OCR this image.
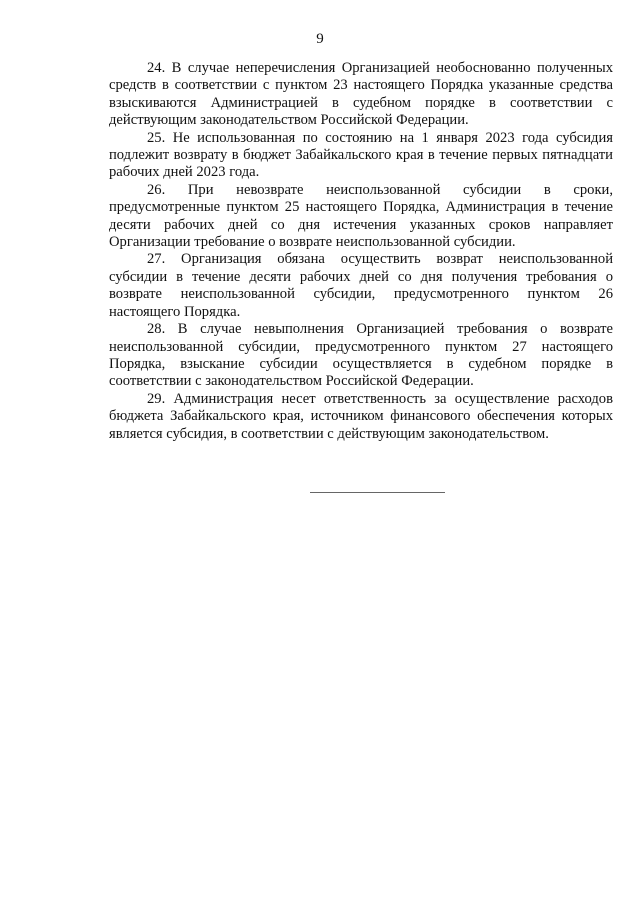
9

24. В случае неперечисления Организацией необоснованно полученных средств в соответствии с пунктом 23 настоящего Порядка указанные средства взыскиваются Администрацией в судебном порядке в соответствии с действующим законодательством Российской Федерации.

25. Не использованная по состоянию на 1 января 2023 года субсидия подлежит возврату в бюджет Забайкальского края в течение первых пятнадцати рабочих дней 2023 года.

26. При невозврате неиспользованной субсидии в сроки, предусмотренные пунктом 25 настоящего Порядка, Администрация в течение десяти рабочих дней со дня истечения указанных сроков направляет Организации требование о возврате неиспользованной субсидии.

27. Организация обязана осуществить возврат неиспользованной субсидии в течение десяти рабочих дней со дня получения требования о возврате неиспользованной субсидии, предусмотренного пунктом 26 настоящего Порядка.

28. В случае невыполнения Организацией требования о возврате неиспользованной субсидии, предусмотренного пунктом 27 настоящего Порядка, взыскание субсидии осуществляется в судебном порядке в соответствии с законодательством Российской Федерации.

29. Администрация несет ответственность за осуществление расходов бюджета Забайкальского края, источником финансового обеспечения которых является субсидия, в соответствии с действующим законодательством.
